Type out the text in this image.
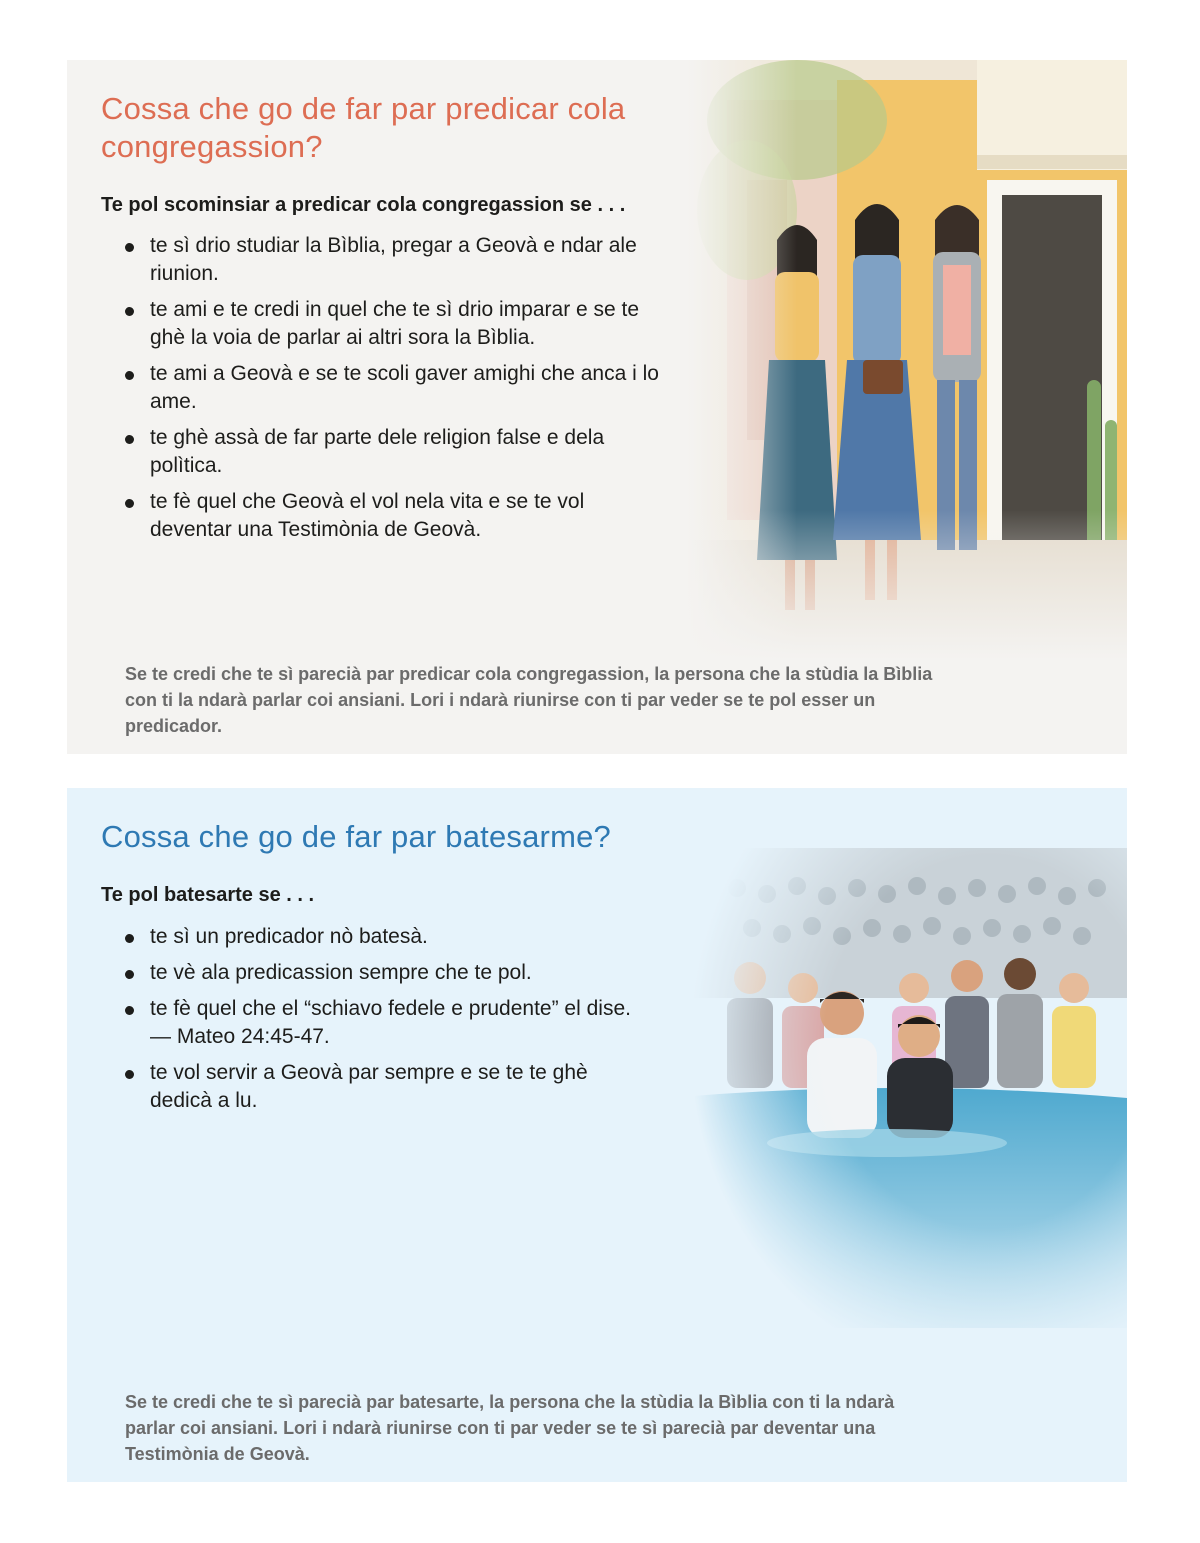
Cossa che go de far par predicar cola congregassion?

Te pol scominsiar a predicar cola congregassion se . . .

te sì drio studiar la Bìblia, pregar a Geovà e ndar ale riunion.
te ami e te credi in quel che te sì drio imparar e se te ghè la voia de parlar ai altri sora la Bìblia.
te ami a Geovà e se te scoli gaver amighi che anca i lo ame.
te ghè assà de far parte dele religion false e dela polìtica.
te fè quel che Geovà el vol nela vita e se te vol deventar una Testimònia de Geovà.

Se te credi che te sì parecià par predicar cola congregassion, la persona che la stùdia la Bìblia con ti la ndarà parlar coi ansiani. Lori i ndarà riunirse con ti par veder se te pol esser un predicador.

Cossa che go de far par batesarme?

Te pol batesarte se . . .

te sì un predicador nò batesà.
te vè ala predicassion sempre che te pol.
te fè quel che el “schiavo fedele e prudente” el dise. — Mateo 24:45-47.
te vol servir a Geovà par sempre e se te te ghè dedicà a lu.

Se te credi che te sì parecià par batesarte, la persona che la stùdia la Bìblia con ti la ndarà parlar coi ansiani. Lori i ndarà riunirse con ti par veder se te sì parecià par deventar una Testimònia de Geovà.
